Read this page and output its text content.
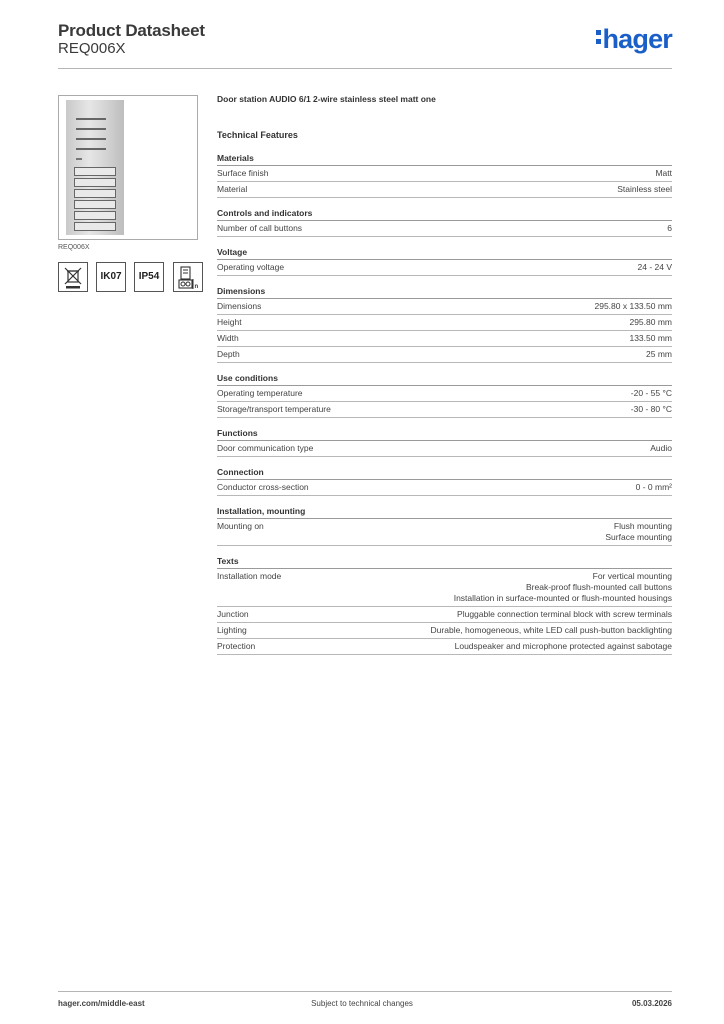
Product Datasheet
REQ006X	hager
REQ006X
IK07	IP54
n
Door station AUDIO 6/1 2-wire stainless steel matt one
Technical Features
Materials
Surface finish	Matt
Material	Stainless steel
Controls and indicators
Number of call buttons	6
Voltage
Operating voltage	24 - 24 V
Dimensions
Dimensions	295.80 x 133.50 mm
Height	295.80 mm
Width	133.50 mm
Depth	25 mm
Use conditions
Operating temperature	-20 - 55 °C
Storage/transport temperature	-30 - 80 °C
Functions
Door communication type	Audio
Connection
Conductor cross-section	0 - 0 mm²
Installation, mounting
Mounting on	Flush mounting
Surface mounting
Texts
Installation mode	For vertical mounting
Break-proof flush-mounted call buttons
Installation in surface-mounted or flush-mounted housings
Junction	Pluggable connection terminal block with screw terminals
Lighting	Durable, homogeneous, white LED call push-button backlighting
Protection	Loudspeaker and microphone protected against sabotage
hager.com/middle-east	Subject to technical changes	05.03.2026
